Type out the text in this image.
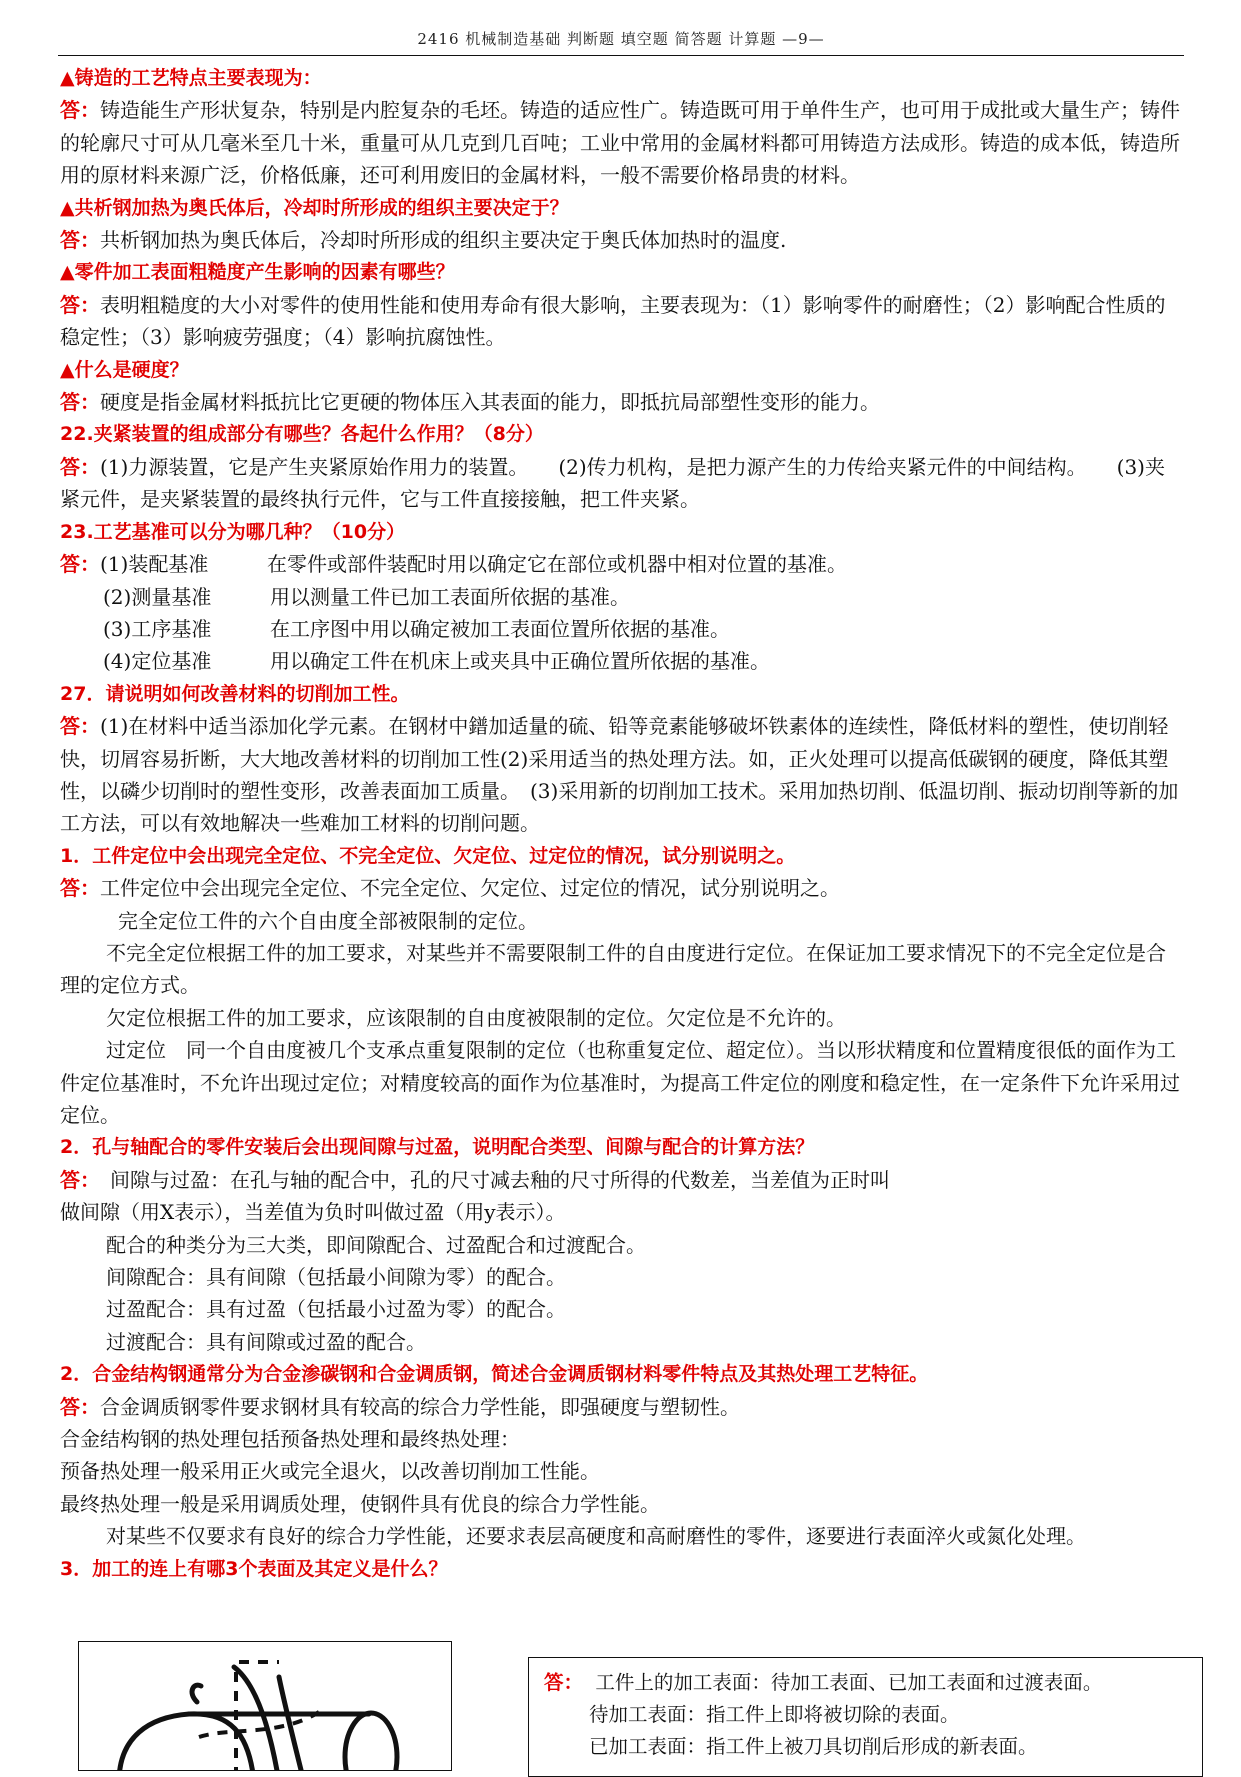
2416 机械制造基础 判断题 填空题 简答题 计算题 —9—

▲铸造的工艺特点主要表现为：

答：铸造能生产形状复杂，特别是内腔复杂的毛坯。铸造的适应性广。铸造既可用于单件生产，也可用于成批或大量生产；铸件的轮廓尺寸可从几毫米至几十米，重量可从几克到几百吨；工业中常用的金属材料都可用铸造方法成形。铸造的成本低，铸造所用的原材料来源广泛，价格低廉，还可利用废旧的金属材料，一般不需要价格昂贵的材料。

▲共析钢加热为奥氏体后，冷却时所形成的组织主要决定于？

答：共析钢加热为奥氏体后，冷却时所形成的组织主要决定于奥氏体加热时的温度.

▲零件加工表面粗糙度产生影响的因素有哪些？

答：表明粗糙度的大小对零件的使用性能和使用寿命有很大影响，主要表现为：（1）影响零件的耐磨性；（2）影响配合性质的稳定性；（3）影响疲劳强度；（4）影响抗腐蚀性。

▲什么是硬度？

答：硬度是指金属材料抵抗比它更硬的物体压入其表面的能力，即抵抗局部塑性变形的能力。

22.夹紧装置的组成部分有哪些？各起什么作用？（8分）

答：(1)力源装置，它是产生夹紧原始作用力的装置。　　(2)传力机构，是把力源产生的力传给夹紧元件的中间结构。　　(3)夹紧元件，是夹紧装置的最终执行元件，它与工件直接接触，把工件夹紧。

23.工艺基准可以分为哪几种？（10分）

答：(1)装配基准	在零件或部件装配时用以确定它在部位或机器中相对位置的基准。

(2)测量基准	用以测量工件已加工表面所依据的基准。

(3)工序基准	在工序图中用以确定被加工表面位置所依据的基准。

(4)定位基准	用以确定工件在机床上或夹具中正确位置所依据的基准。

27．请说明如何改善材料的切削加工性。

答：(1)在材料中适当添加化学元素。在钢材中鐠加适量的硫、铅等竞素能够破坏铁素体的连续性，降低材料的塑性，使切削轻快，切屑容易折断，大大地改善材料的切削加工性(2)采用适当的热处理方法。如，正火处理可以提高低碳钢的硬度，降低其塑性，以磷少切削时的塑性变形，改善表面加工质量。　(3)采用新的切削加工技术。采用加热切削、低温切削、振动切削等新的加工方法，可以有效地解决一些难加工材料的切削问题。

1．工件定位中会出现完全定位、不完全定位、欠定位、过定位的情况，试分别说明之。

答：工件定位中会出现完全定位、不完全定位、欠定位、过定位的情况，试分别说明之。

完全定位工件的六个自由度全部被限制的定位。

不完全定位根据工件的加工要求，对某些并不需要限制工件的自由度进行定位。在保证加工要求情况下的不完全定位是合理的定位方式。

欠定位根据工件的加工要求，应该限制的自由度被限制的定位。欠定位是不允许的。

过定位　同一个自由度被几个支承点重复限制的定位（也称重复定位、超定位）。当以形状精度和位置精度很低的面作为工件定位基准时，不允许出现过定位；对精度较高的面作为位基准时，为提高工件定位的刚度和稳定性，在一定条件下允许采用过定位。

2．孔与轴配合的零件安装后会出现间隙与过盈，说明配合类型、间隙与配合的计算方法？

答：　间隙与过盈：在孔与轴的配合中，孔的尺寸减去釉的尺寸所得的代数差，当差值为正时叫

做间隙（用X表示），当差值为负时叫做过盈（用y表示）。

配合的种类分为三大类，即间隙配合、过盈配合和过渡配合。

间隙配合：具有间隙（包括最小间隙为零）的配合。

过盈配合：具有过盈（包括最小过盈为零）的配合。

过渡配合：具有间隙或过盈的配合。

2．合金结构钢通常分为合金渗碳钢和合金调质钢，简述合金调质钢材料零件特点及其热处理工艺特征。

答：合金调质钢零件要求钢材具有较高的综合力学性能，即强硬度与塑韧性。

合金结构钢的热处理包括预备热处理和最终热处理：

预备热处理一般采用正火或完全退火，以改善切削加工性能。

最终热处理一般是采用调质处理，使钢件具有优良的综合力学性能。

对某些不仅要求有良好的综合力学性能，还要求表层高硬度和高耐磨性的零件，逐要进行表面淬火或氮化处理。

3．加工的连上有哪3个表面及其定义是什么？

答： 工件上的加工表面：待加工表面、已加工表面和过渡表面。

待加工表面：指工件上即将被切除的表面。

已加工表面：指工件上被刀具切削后形成的新表面。
